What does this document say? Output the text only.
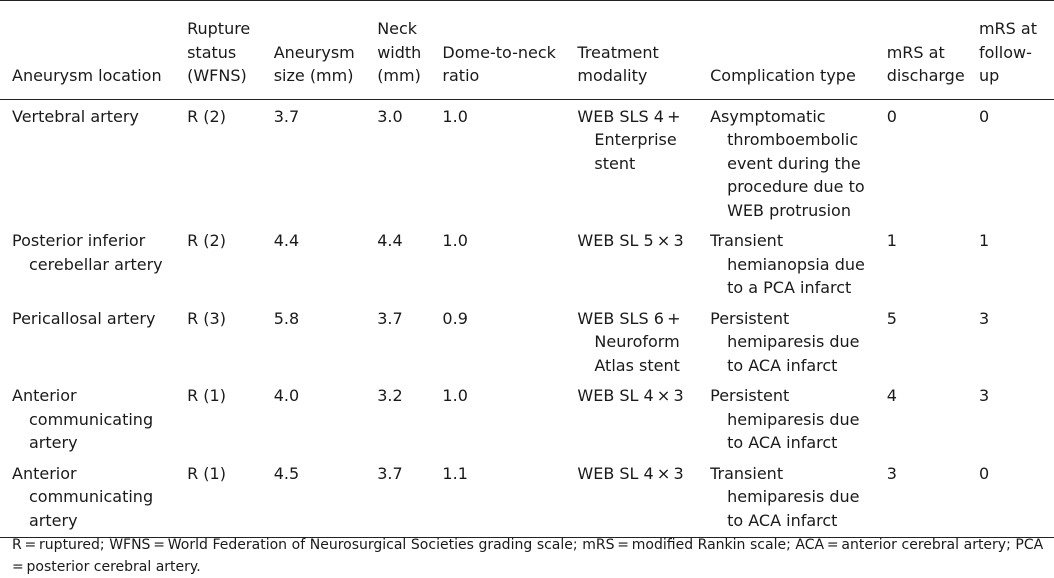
Aneurysm location	Rupture status (WFNS)	Aneurysm size (mm)	Neck width (mm)	Dome-to-neck ratio	Treatment modality	Complication type	mRS at discharge	mRS at follow-up

Vertebral artery	R (2)	3.7	3.0	1.0	WEB SLS 4 + Enterprise stent	Asymptomatic thromboembolic event during the procedure due to WEB protrusion	0	0

Posterior inferior cerebellar artery	R (2)	4.4	4.4	1.0	WEB SL 5 × 3	Transient hemianopsia due to a PCA infarct	1	1

Pericallosal artery	R (3)	5.8	3.7	0.9	WEB SLS 6 + Neuroform Atlas stent	Persistent hemiparesis due to ACA infarct	5	3

Anterior communicating artery	R (1)	4.0	3.2	1.0	WEB SL 4 × 3	Persistent hemiparesis due to ACA infarct	4	3

Anterior communicating artery	R (1)	4.5	3.7	1.1	WEB SL 4 × 3	Transient hemiparesis due to ACA infarct	3	0

R = ruptured; WFNS = World Federation of Neurosurgical Societies grading scale; mRS = modified Rankin scale; ACA = anterior cerebral artery; PCA = posterior cerebral artery.
